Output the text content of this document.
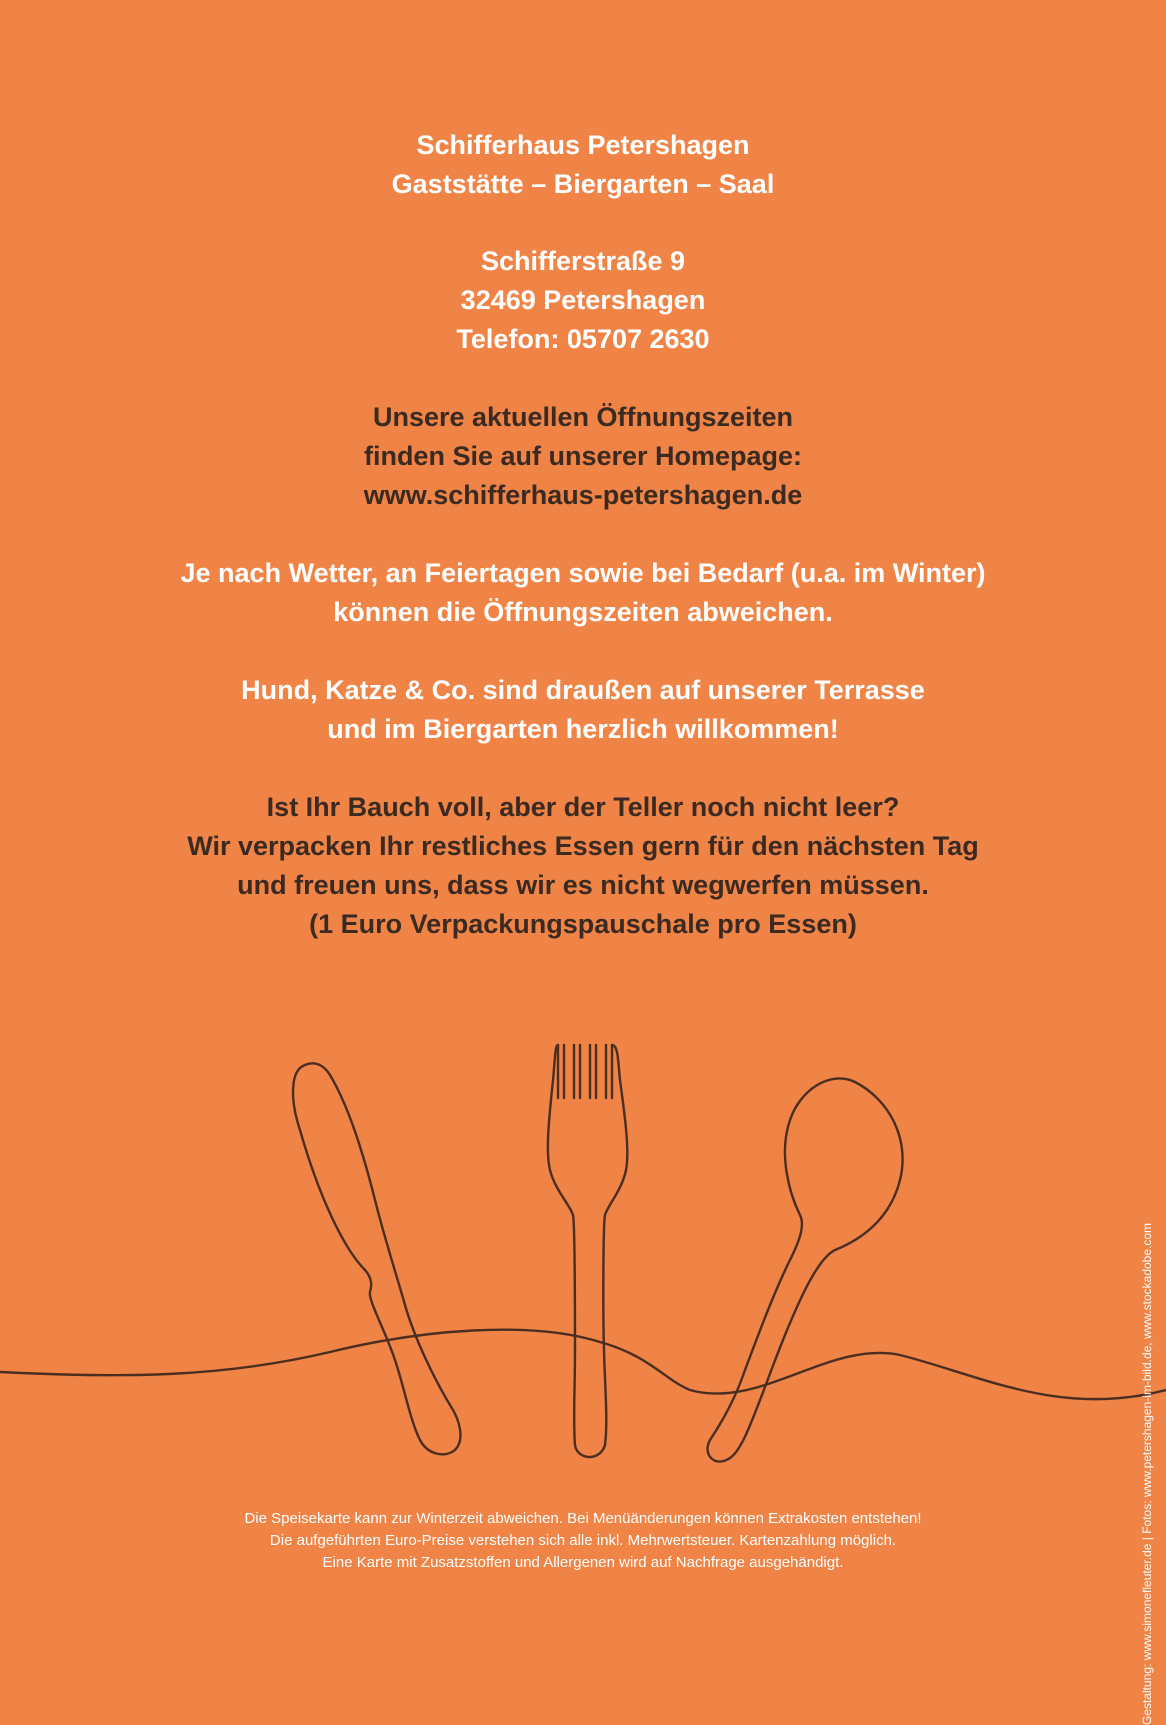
Schifferhaus Petershagen
Gaststätte – Biergarten – Saal
Schifferstraße 9
32469 Petershagen
Telefon: 05707 2630
Unsere aktuellen Öffnungszeiten
finden Sie auf unserer Homepage:
www.schifferhaus-petershagen.de
Je nach Wetter, an Feiertagen sowie bei Bedarf (u.a. im Winter)
können die Öffnungszeiten abweichen.
Hund, Katze & Co. sind draußen auf unserer Terrasse
und im Biergarten herzlich willkommen!
Ist Ihr Bauch voll, aber der Teller noch nicht leer?
Wir verpacken Ihr restliches Essen gern für den nächsten Tag
und freuen uns, dass wir es nicht wegwerfen müssen.
(1 Euro Verpackungspauschale pro Essen)
Die Speisekarte kann zur Winterzeit abweichen. Bei Menüänderungen können Extrakosten entstehen!
Die aufgeführten Euro-Preise verstehen sich alle inkl. Mehrwertsteuer. Kartenzahlung möglich.
Eine Karte mit Zusatzstoffen und Allergenen wird auf Nachfrage ausgehändigt.	Gestaltung: www.simonefleuter.de | Fotos: www.petershagen-im-bild.de, www.stockadobe.com
